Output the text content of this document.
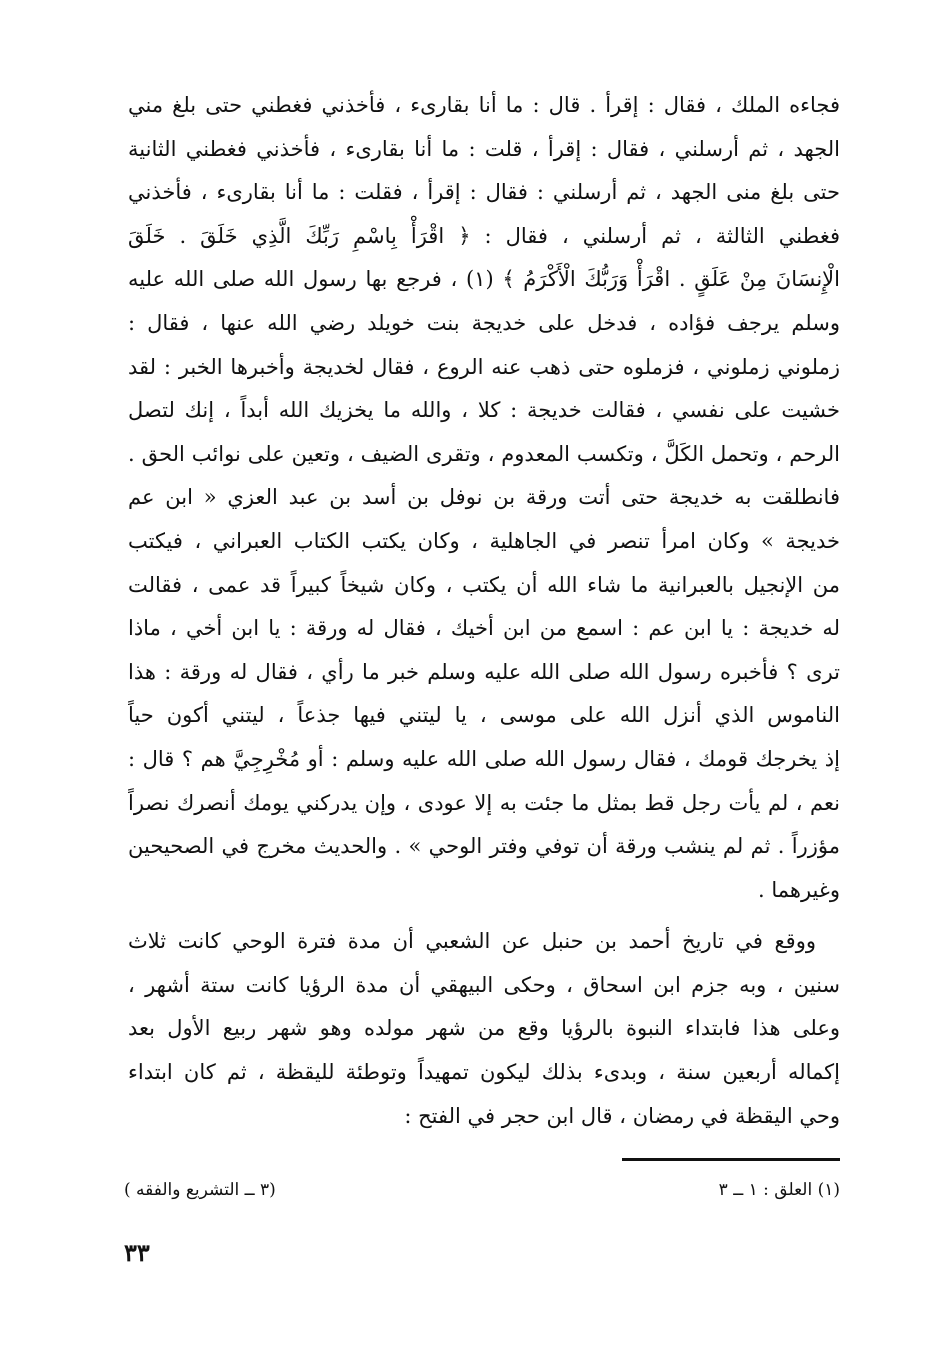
فجاءه الملك ، فقال : إقرأ . قال : ما أنا بقارىء ، فأخذني فغطني حتى بلغ مني
الجهد ، ثم أرسلني ، فقال : إقرأ ، قلت : ما أنا بقارىء ، فأخذني فغطني الثانية
حتى بلغ منى الجهد ، ثم أرسلني : فقال : إقرأ ، فقلت : ما أنا بقارىء ، فأخذني
فغطني الثالثة ، ثم أرسلني ، فقال : ﴿ اقْرَأْ بِاسْمِ رَبِّكَ الَّذِي خَلَقَ . خَلَقَ
الْإِنسَانَ مِنْ عَلَقٍ . اقْرَأْ وَرَبُّكَ الْأَكْرَمُ ﴾ (١) ، فرجع بها رسول الله صلى الله عليه
وسلم يرجف فؤاده ، فدخل على خديجة بنت خويلد رضي الله عنها ، فقال :
زملوني زملوني ، فزملوه حتى ذهب عنه الروع ، فقال لخديجة وأخبرها الخبر : لقد
خشيت على نفسي ، فقالت خديجة : كلا ، والله ما يخزيك الله أبداً ، إنك لتصل
الرحم ، وتحمل الكَلَّ ، وتكسب المعدوم ، وتقرى الضيف ، وتعين على نوائب الحق .
فانطلقت به خديجة حتى أتت ورقة بن نوفل بن أسد بن عبد العزي « ابن عم
خديجة » وكان امرأ تنصر في الجاهلية ، وكان يكتب الكتاب العبراني ، فيكتب
من الإنجيل بالعبرانية ما شاء الله أن يكتب ، وكان شيخاً كبيراً قد عمى ، فقالت
له خديجة : يا ابن عم : اسمع من ابن أخيك ، فقال له ورقة : يا ابن أخي ، ماذا
ترى ؟ فأخبره رسول الله صلى الله عليه وسلم خبر ما رأي ، فقال له ورقة : هذا
الناموس الذي أنزل الله على موسى ، يا ليتني فيها جذعاً ، ليتني أكون حياً
إذ يخرجك قومك ، فقال رسول الله صلى الله عليه وسلم : أو مُخْرِجِيَّ هم ؟ قال :
نعم ، لم يأت رجل قط بمثل ما جئت به إلا عودى ، وإن يدركني يومك أنصرك نصراً
مؤزراً . ثم لم ينشب ورقة أن توفي وفتر الوحي » . والحديث مخرج في الصحيحين
وغيرهما .
ووقع في تاريخ أحمد بن حنبل عن الشعبي أن مدة فترة الوحي كانت ثلاث
سنين ، وبه جزم ابن اسحاق ، وحكى البيهقي أن مدة الرؤيا كانت ستة أشهر ،
وعلى هذا فابتداء النبوة بالرؤيا وقع من شهر مولده وهو شهر ربيع الأول بعد
إكماله أربعين سنة ، وبدىء بذلك ليكون تمهيداً وتوطئة لليقظة ، ثم كان ابتداء
وحي اليقظة في رمضان ، قال ابن حجر في الفتح :
(١) العلق : ١ ــ ٣
(٣ ــ التشريع والفقه )
٣٣
